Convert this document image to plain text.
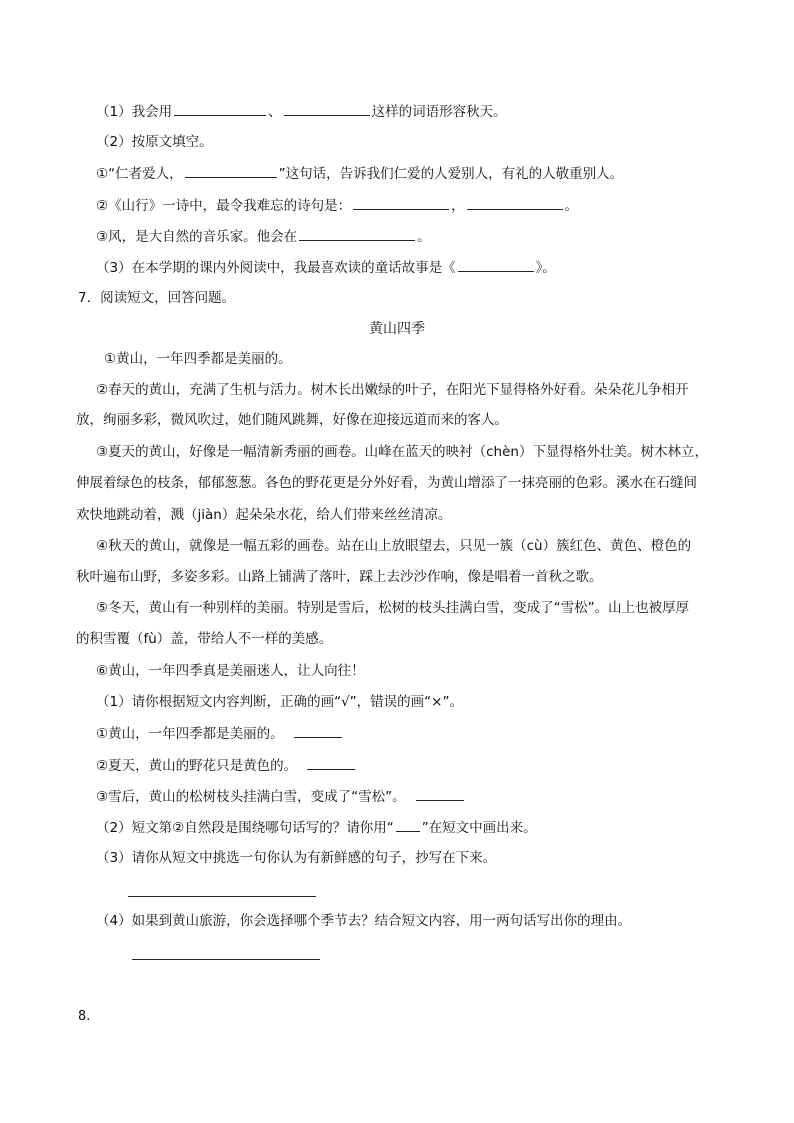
（1）我会用	、	这样的词语形容秋天。
（2）按原文填空。
①“仁者爱人，	”这句话，告诉我们仁爱的人爱别人，有礼的人敬重别人。
②《山行》一诗中，最令我难忘的诗句是：	，	。
③风，是大自然的音乐家。他会在	。
（3）在本学期的课内外阅读中，我最喜欢读的童话故事是《	》。
7．阅读短文，回答问题。
黄山四季
①黄山，一年四季都是美丽的。
②春天的黄山，充满了生机与活力。树木长出嫩绿的叶子，在阳光下显得格外好看。朵朵花儿争相开
放，绚丽多彩，微风吹过，她们随风跳舞，好像在迎接远道而来的客人。
③夏天的黄山，好像是一幅清新秀丽的画卷。山峰在蓝天的映衬（chèn）下显得格外壮美。树木林立，
伸展着绿色的枝条，郁郁葱葱。各色的野花更是分外好看，为黄山增添了一抹亮丽的色彩。溪水在石缝间
欢快地跳动着，溅（jiàn）起朵朵水花，给人们带来丝丝清凉。
④秋天的黄山，就像是一幅五彩的画卷。站在山上放眼望去，只见一簇（cù）簇红色、黄色、橙色的
秋叶遍布山野，多姿多彩。山路上铺满了落叶，踩上去沙沙作响，像是唱着一首秋之歌。
⑤冬天，黄山有一种别样的美丽。特别是雪后，松树的枝头挂满白雪，变成了“雪松”。山上也被厚厚
的积雪覆（fù）盖，带给人不一样的美感。
⑥黄山，一年四季真是美丽迷人，让人向往！
（1）请你根据短文内容判断，正确的画“√”，错误的画“×”。
①黄山，一年四季都是美丽的。
②夏天，黄山的野花只是黄色的。
③雪后，黄山的松树枝头挂满白雪，变成了“雪松”。
（2）短文第②自然段是围绕哪句话写的？请你用“ ”在短文中画出来。
（3）请你从短文中挑选一句你认为有新鲜感的句子，抄写在下来。
（4）如果到黄山旅游，你会选择哪个季节去？结合短文内容，用一两句话写出你的理由。
8．
